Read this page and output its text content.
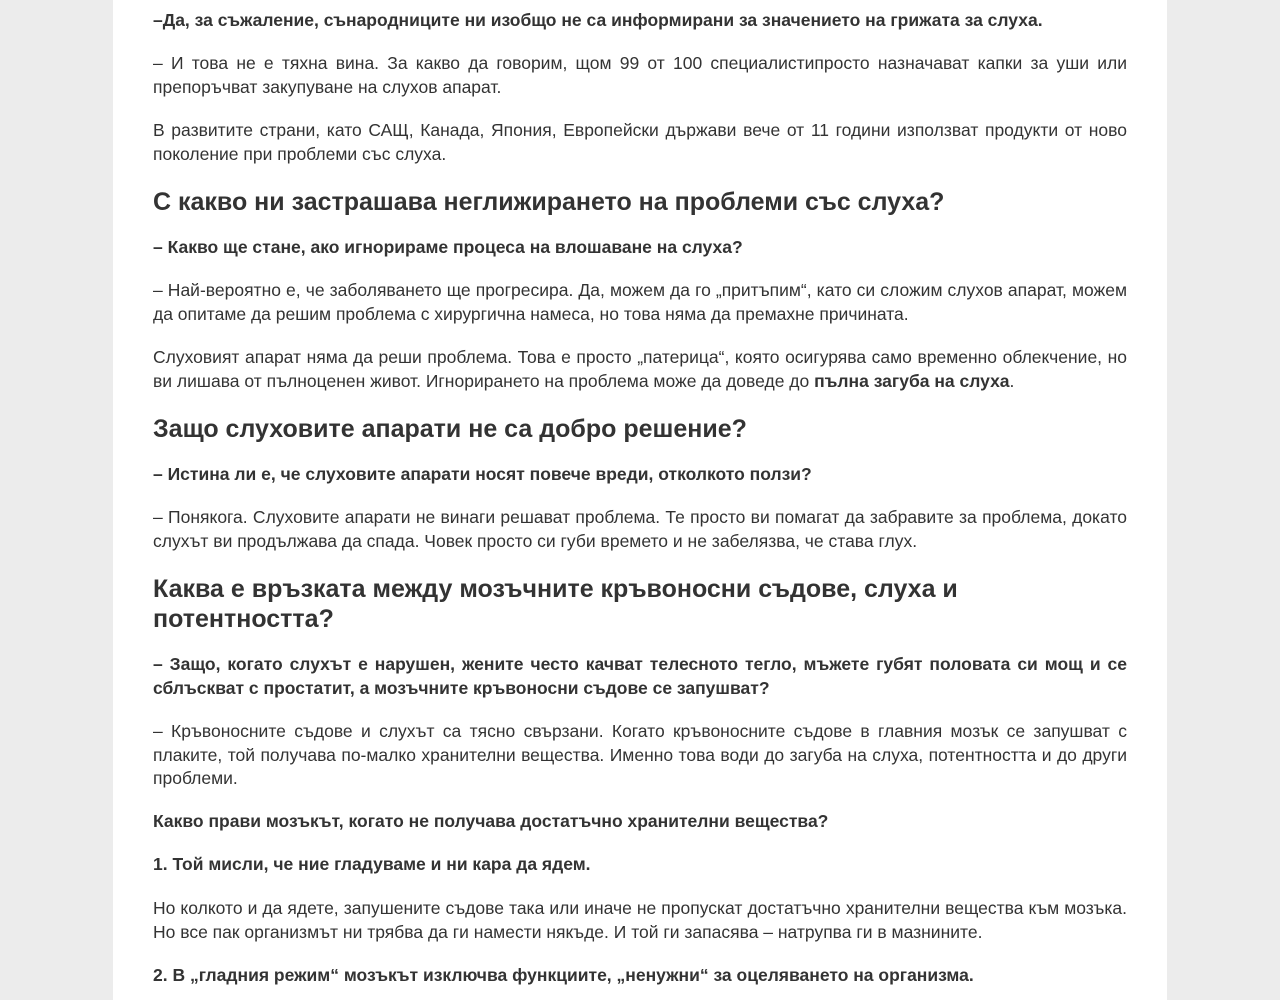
–Да, за съжаление, сънародниците ни изобщо не са информирани за значението на грижата за слуха.

– И това не е тяхна вина. За какво да говорим, щом 99 от 100 специалистипросто назначават капки за уши или препоръчват закупуване на слухов апарат.

В развитите страни, като САЩ, Канада, Япония, Европейски държави вече от 11 години използват продукти от ново поколение при проблеми със слуха.

С какво ни застрашава неглижирането на проблеми със слуха?

– Какво ще стане, ако игнорираме процеса на влошаване на слуха?

– Най-вероятно е, че заболяването ще прогресира. Да, можем да го „притъпим“, като си сложим слухов апарат, можем да опитаме да решим проблема с хирургична намеса, но това няма да премахне причината.

Слуховият апарат няма да реши проблема. Това е просто „патерица“, която осигурява само временно облекчение, но ви лишава от пълноценен живот. Игнорирането на проблема може да доведе до пълна загуба на слуха.

Защо слуховите апарати не са добро решение?

– Истина ли е, че слуховите апарати носят повече вреди, отколкото ползи?

– Понякога. Слуховите апарати не винаги решават проблема. Те просто ви помагат да забравите за проблема, докато слухът ви продължава да спада. Човек просто си губи времето и не забелязва, че става глух.

Каква е връзката между мозъчните кръвоносни съдове, слуха и потентността?

– Защо, когато слухът е нарушен, жените често качват телесното тегло, мъжете губят половата си мощ и се сблъскват с простатит, а мозъчните кръвоносни съдове се запушват?

– Кръвоносните съдове и слухът са тясно свързани. Когато кръвоносните съдове в главния мозък се запушват с плаките, той получава по-малко хранителни вещества. Именно това води до загуба на слуха, потентността и до други проблеми.

Какво прави мозъкът, когато не получава достатъчно хранителни вещества?

1. Той мисли, че ние гладуваме и ни кара да ядем.

Но колкото и да ядете, запушените съдове така или иначе не пропускат достатъчно хранителни вещества към мозъка. Но все пак организмът ни трябва да ги намести някъде. И той ги запасява – натрупва ги в мазнините.

2. В „гладния режим“ мозъкът изключва функциите, „ненужни“ за оцеляването на организма.
